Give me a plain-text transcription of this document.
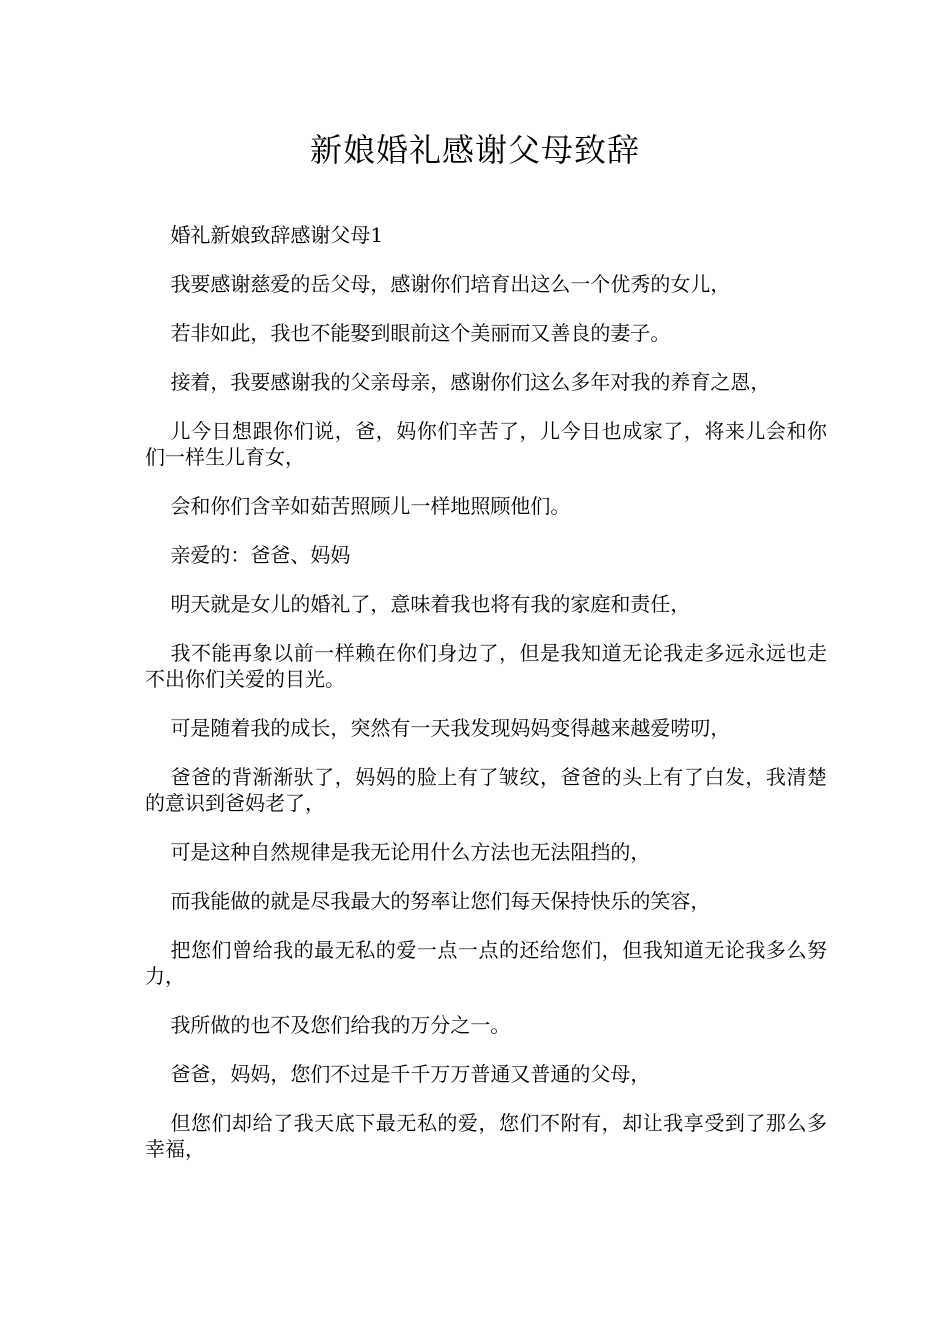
新娘婚礼感谢父母致辞

婚礼新娘致辞感谢父母1

我要感谢慈爱的岳父母，感谢你们培育出这么一个优秀的女儿，

若非如此，我也不能娶到眼前这个美丽而又善良的妻子。

接着，我要感谢我的父亲母亲，感谢你们这么多年对我的养育之恩，

儿今日想跟你们说，爸，妈你们辛苦了，儿今日也成家了，将来儿会和你们一样生儿育女，

会和你们含辛如茹苦照顾儿一样地照顾他们。

亲爱的：爸爸、妈妈

明天就是女儿的婚礼了，意味着我也将有我的家庭和责任，

我不能再象以前一样赖在你们身边了，但是我知道无论我走多远永远也走不出你们关爱的目光。

可是随着我的成长，突然有一天我发现妈妈变得越来越爱唠叨，

爸爸的背渐渐驮了，妈妈的脸上有了皱纹，爸爸的头上有了白发，我清楚的意识到爸妈老了，

可是这种自然规律是我无论用什么方法也无法阻挡的，

而我能做的就是尽我最大的努率让您们每天保持快乐的笑容，

把您们曾给我的最无私的爱一点一点的还给您们，但我知道无论我多么努力，

我所做的也不及您们给我的万分之一。

爸爸，妈妈，您们不过是千千万万普通又普通的父母，

但您们却给了我天底下最无私的爱，您们不附有，却让我享受到了那么多幸福，
